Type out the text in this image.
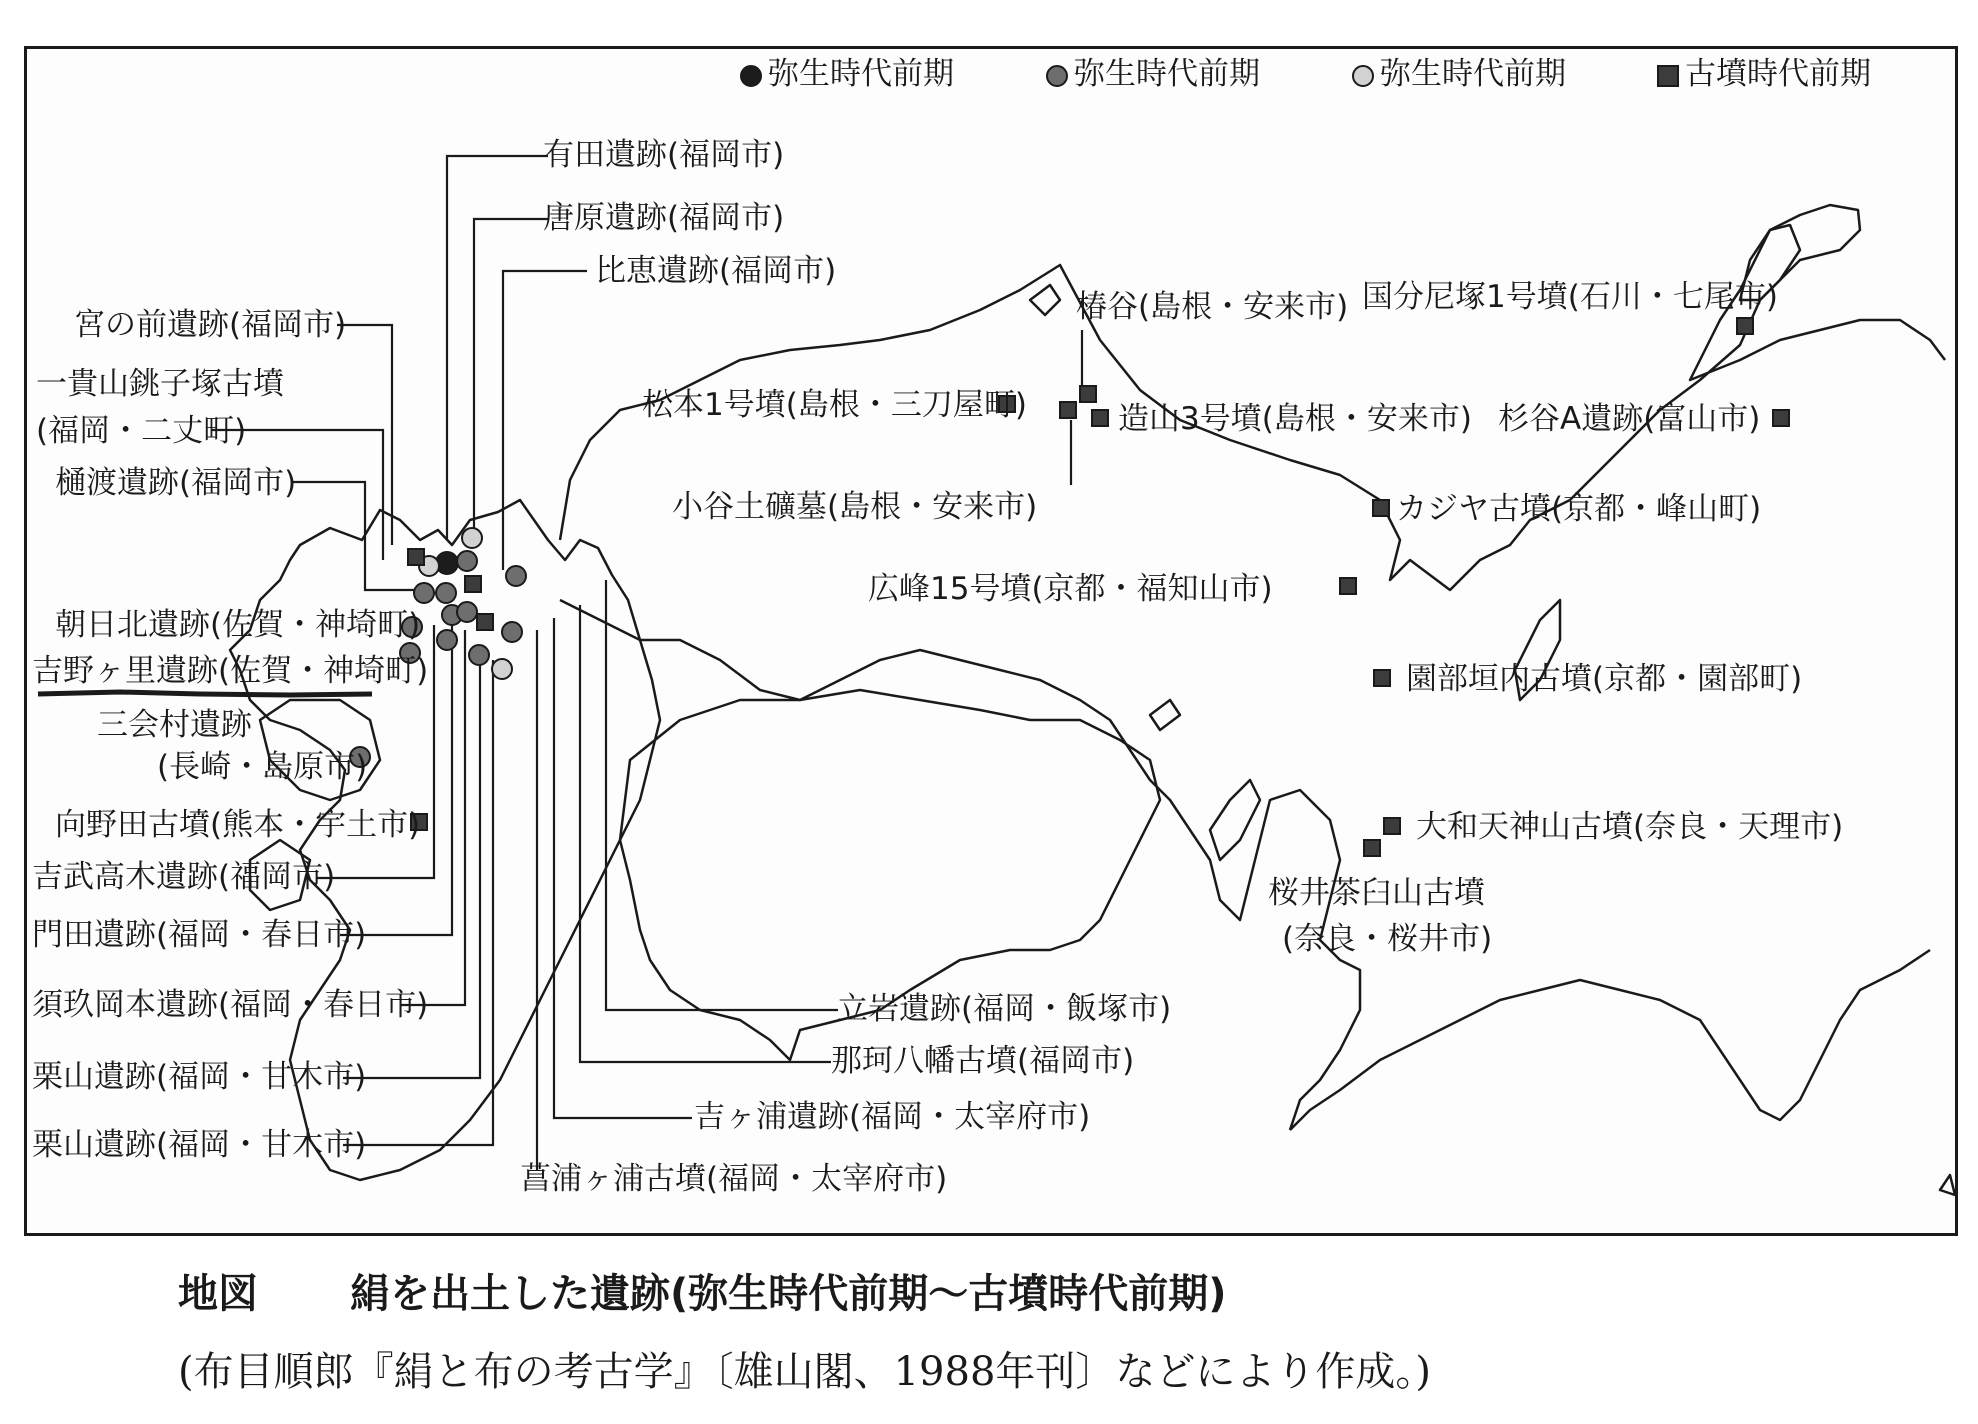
弥生時代前期	弥生時代前期	弥生時代前期	古墳時代前期
有田遺跡(福岡市)
唐原遺跡(福岡市)
比恵遺跡(福岡市)
宮の前遺跡(福岡市)
一貴山銚子塚古墳
(福岡・二丈町)
樋渡遺跡(福岡市)
朝日北遺跡(佐賀・神埼町)
吉野ヶ里遺跡(佐賀・神埼町)
三会村遺跡
(長崎・島原市)
向野田古墳(熊本・宇土市)
吉武高木遺跡(福岡市)
門田遺跡(福岡・春日市)
須玖岡本遺跡(福岡・春日市)
栗山遺跡(福岡・甘木市)
栗山遺跡(福岡・甘木市)
立岩遺跡(福岡・飯塚市)
那珂八幡古墳(福岡市)
吉ヶ浦遺跡(福岡・太宰府市)
菖浦ヶ浦古墳(福岡・太宰府市)
椿谷(島根・安来市)
松本1号墳(島根・三刀屋町)	造山3号墳(島根・安来市)
小谷土礦墓(島根・安来市)
国分尼塚1号墳(石川・七尾市)
杉谷A遺跡(富山市)
カジヤ古墳(京都・峰山町)
広峰15号墳(京都・福知山市)
園部垣内古墳(京都・園部町)
大和天神山古墳(奈良・天理市)
桜井茶臼山古墳
(奈良・桜井市)
地図 絹を出土した遺跡(弥生時代前期〜古墳時代前期)
(布目順郎『絹と布の考古学』〔雄山閣、1988年刊〕などにより作成。)
